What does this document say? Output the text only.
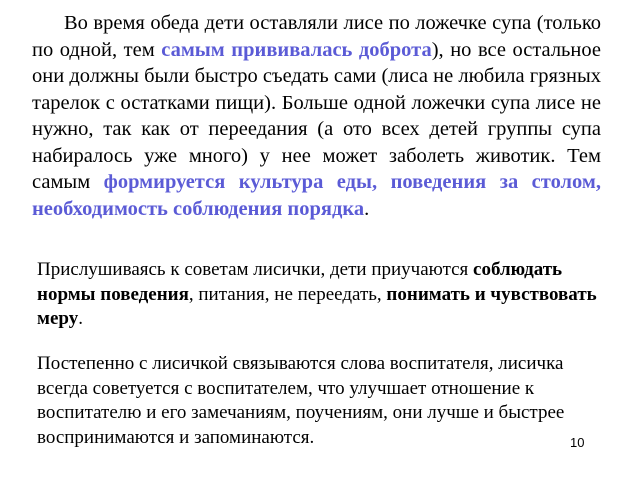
Во время обеда дети оставляли лисе по ложечке супа (только по одной, тем самым прививалась доброта), но все остальное они должны были быстро съедать сами (лиса не любила грязных тарелок с остатками пищи). Больше одной ложечки супа лисе не нужно, так как от переедания (а ото всех детей группы супа набиралось уже много) у нее может заболеть животик. Тем самым формируется культура еды, поведения за столом, необходимость соблюдения порядка.

Прислушиваясь к советам лисички, дети приучаются соблюдать нормы поведения, питания, не переедать, понимать и чувствовать меру.

Постепенно с лисичкой связываются слова воспитателя, лисичка всегда советуется с воспитателем, что улучшает отношение к воспитателю и его замечаниям, поучениям, они лучше и быстрее воспринимаются и запоминаются.	10
